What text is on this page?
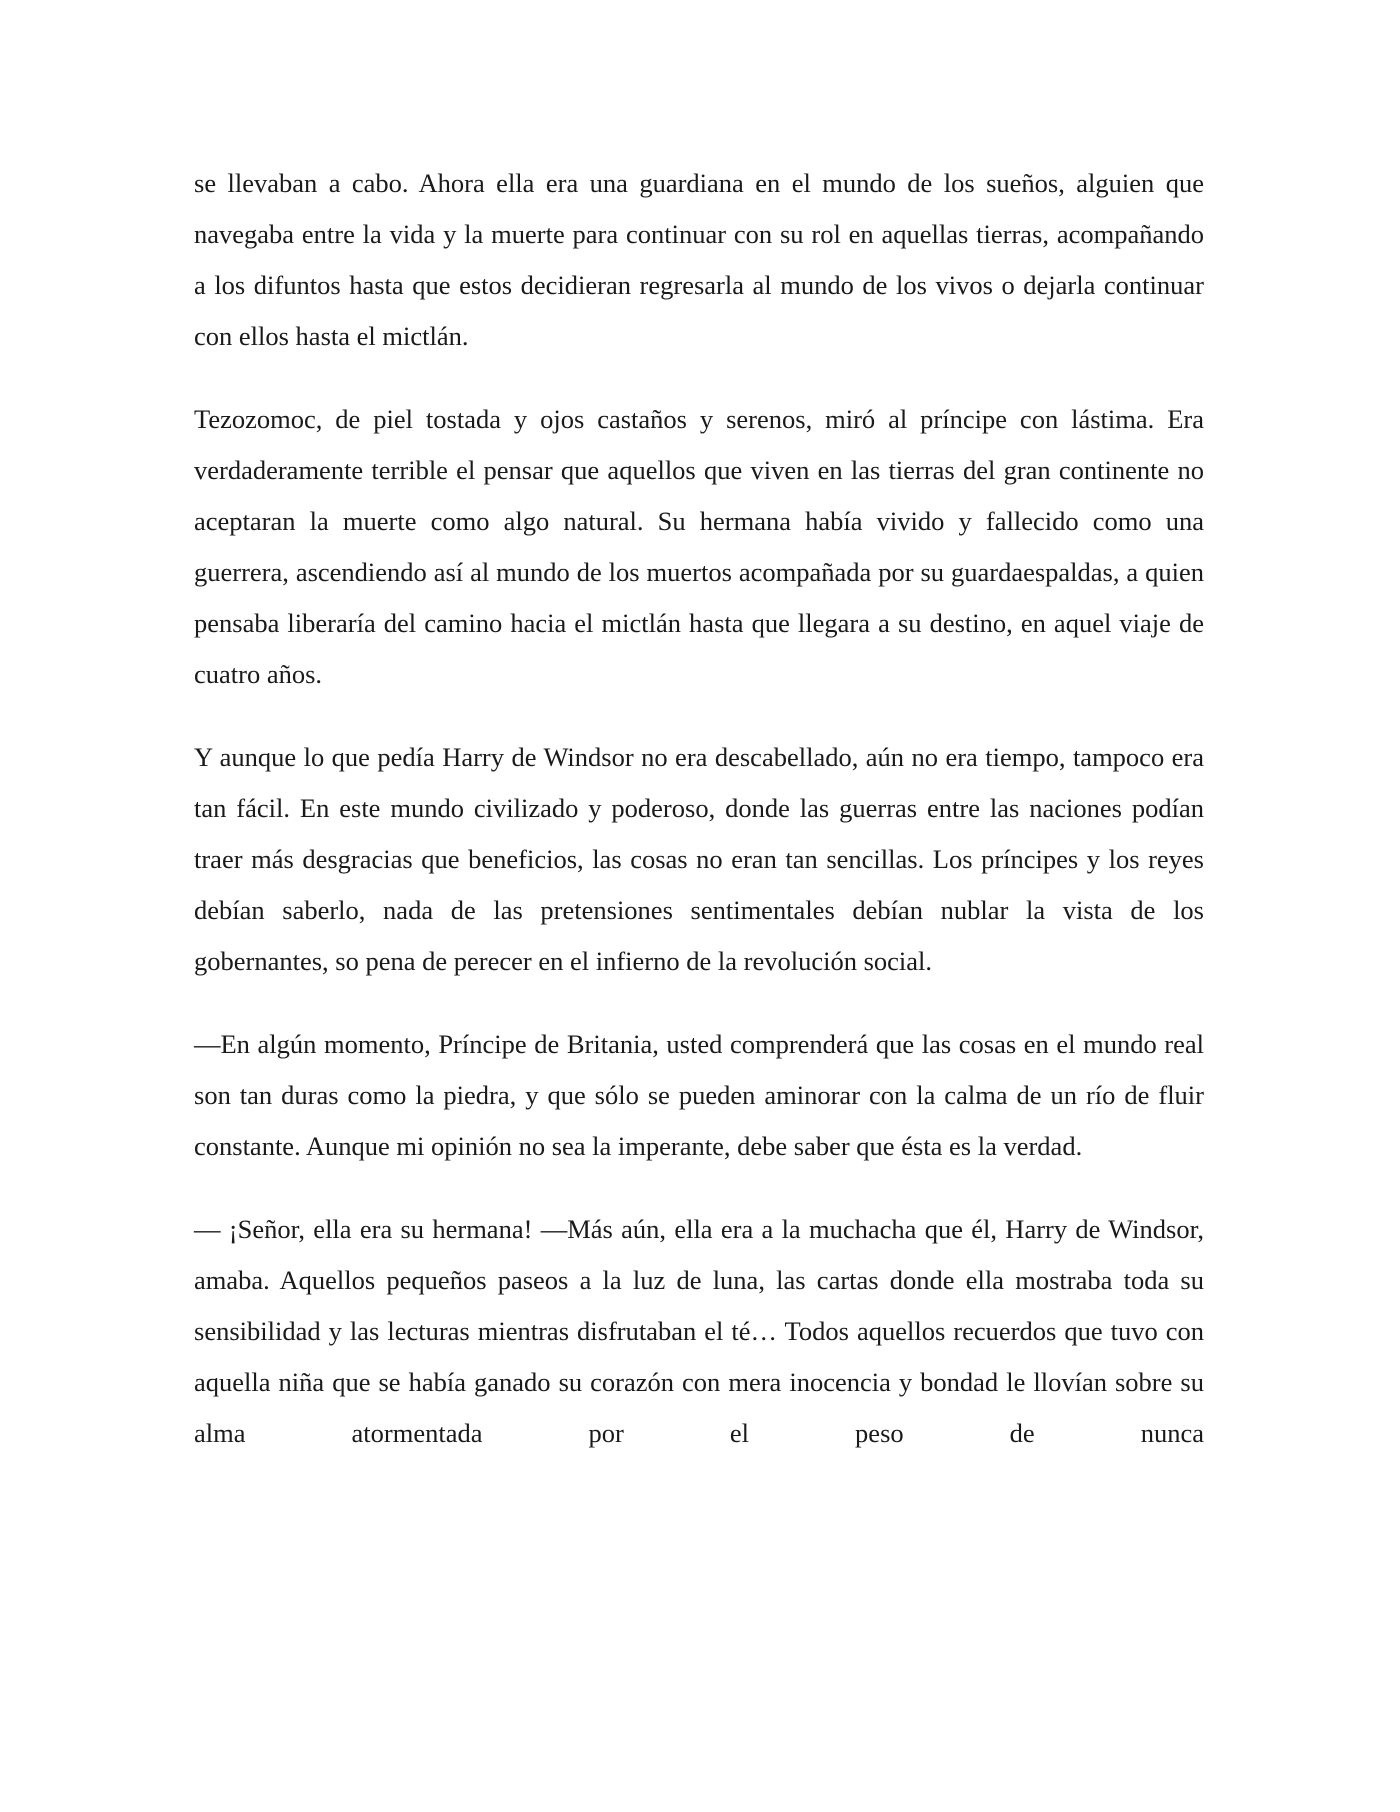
se llevaban a cabo. Ahora ella era una guardiana en el mundo de los sueños, alguien que navegaba entre la vida y la muerte para continuar con su rol en aquellas tierras, acompañando a los difuntos hasta que estos decidieran regresarla al mundo de los vivos o dejarla continuar con ellos hasta el mictlán.

Tezozomoc, de piel tostada y ojos castaños y serenos, miró al príncipe con lástima. Era verdaderamente terrible el pensar que aquellos que viven en las tierras del gran continente no aceptaran la muerte como algo natural. Su hermana había vivido y fallecido como una guerrera, ascendiendo así al mundo de los muertos acompañada por su guardaespaldas, a quien pensaba liberaría del camino hacia el mictlán hasta que llegara a su destino, en aquel viaje de cuatro años.

Y aunque lo que pedía Harry de Windsor no era descabellado, aún no era tiempo, tampoco era tan fácil. En este mundo civilizado y poderoso, donde las guerras entre las naciones podían traer más desgracias que beneficios, las cosas no eran tan sencillas. Los príncipes y los reyes debían saberlo, nada de las pretensiones sentimentales debían nublar la vista de los gobernantes, so pena de perecer en el infierno de la revolución social.

—En algún momento, Príncipe de Britania, usted comprenderá que las cosas en el mundo real son tan duras como la piedra, y que sólo se pueden aminorar con la calma de un río de fluir constante. Aunque mi opinión no sea la imperante, debe saber que ésta es la verdad.

— ¡Señor, ella era su hermana! —Más aún, ella era a la muchacha que él, Harry de Windsor, amaba. Aquellos pequeños paseos a la luz de luna, las cartas donde ella mostraba toda su sensibilidad y las lecturas mientras disfrutaban el té… Todos aquellos recuerdos que tuvo con aquella niña que se había ganado su corazón con mera inocencia y bondad le llovían sobre su alma atormentada por el peso de nunca
